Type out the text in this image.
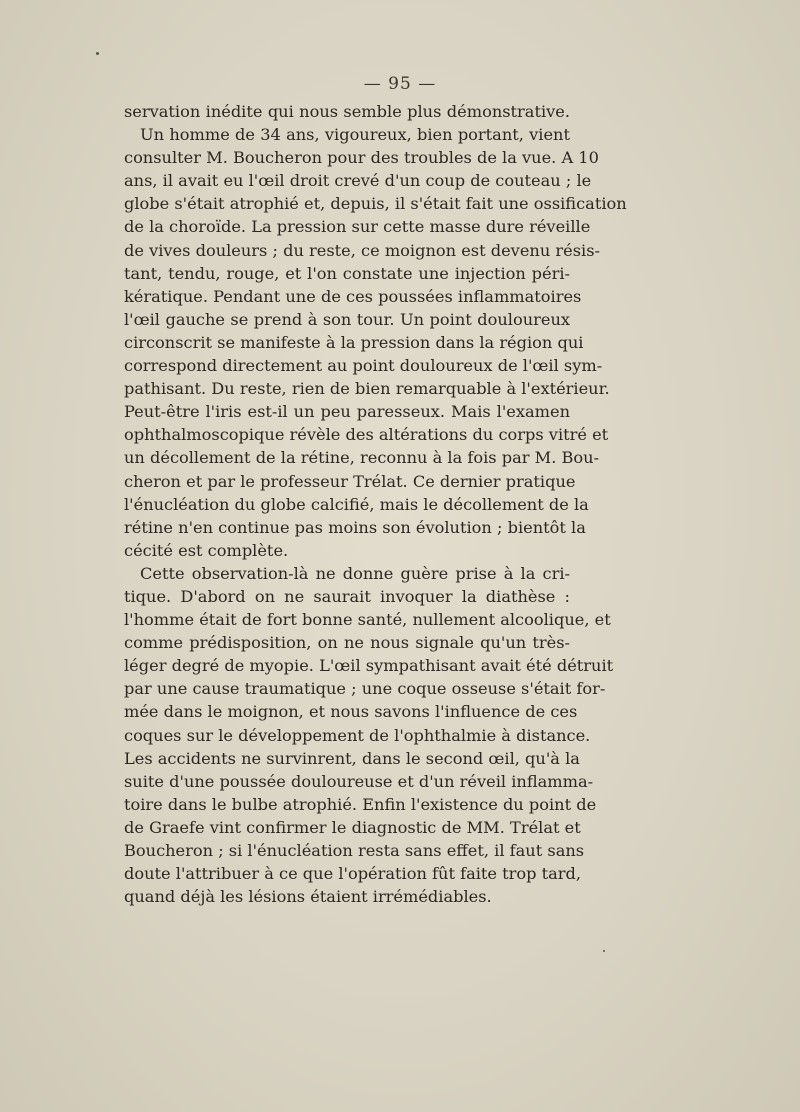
— 95 —
servation inédite qui nous semble plus démonstrative.
Un homme de 34 ans, vigoureux, bien portant, vient
consulter M. Boucheron pour des troubles de la vue. A 10
ans, il avait eu l'œil droit crevé d'un coup de couteau ; le
globe s'était atrophié et, depuis, il s'était fait une ossification
de la choroïde. La pression sur cette masse dure réveille
de vives douleurs ; du reste, ce moignon est devenu résis-
tant, tendu, rouge, et l'on constate une injection péri-
kératique. Pendant une de ces poussées inflammatoires
l'œil gauche se prend à son tour. Un point douloureux
circonscrit se manifeste à la pression dans la région qui
correspond directement au point douloureux de l'œil sym-
pathisant. Du reste, rien de bien remarquable à l'extérieur.
Peut-être l'iris est-il un peu paresseux. Mais l'examen
ophthalmoscopique révèle des altérations du corps vitré et
un décollement de la rétine, reconnu à la fois par M. Bou-
cheron et par le professeur Trélat. Ce dernier pratique
l'énucléation du globe calcifié, mais le décollement de la
rétine n'en continue pas moins son évolution ; bientôt la
cécité est complète.
Cette observation-là ne donne guère prise à la cri-
tique. D'abord on ne saurait invoquer la diathèse :
l'homme était de fort bonne santé, nullement alcoolique, et
comme prédisposition, on ne nous signale qu'un très-
léger degré de myopie. L'œil sympathisant avait été détruit
par une cause traumatique ; une coque osseuse s'était for-
mée dans le moignon, et nous savons l'influence de ces
coques sur le développement de l'ophthalmie à distance.
Les accidents ne survinrent, dans le second œil, qu'à la
suite d'une poussée douloureuse et d'un réveil inflamma-
toire dans le bulbe atrophié. Enfin l'existence du point de
de Graefe vint confirmer le diagnostic de MM. Trélat et
Boucheron ; si l'énucléation resta sans effet, il faut sans
doute l'attribuer à ce que l'opération fût faite trop tard,
quand déjà les lésions étaient irrémédiables.
